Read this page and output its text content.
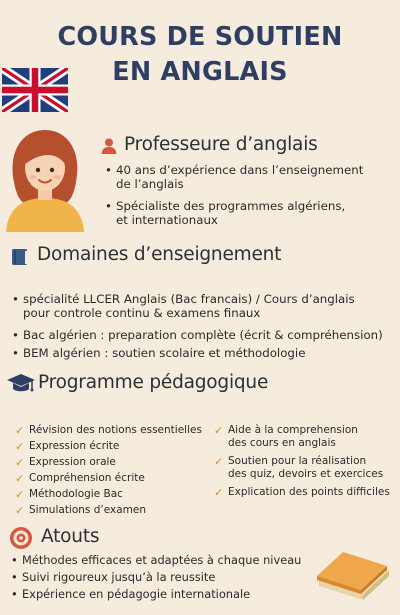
COURS DE SOUTIEN
EN ANGLAIS
Professeure d’anglais
• 40 ans d’expérience dans l’enseignement
de l’anglais
• Spécialiste des programmes algériens,
et internationaux
Domaines d’enseignement
• spécialité LLCER Anglais (Bac francais) / Cours d’anglais
pour controle continu & examens finaux
• Bac algérien : preparation complète (écrit & compréhension)
• BEM algérien : soutien scolaire et méthodologie
Programme pédagogique
✓ Révision des notions essentielles
✓ Expression écrite
✓ Expression orale
✓ Compréhension écrite
✓ Méthodologie Bac
✓ Simulations d’examen
✓ Aide à la comprehension
des cours en anglais
✓ Soutien pour la réalisation
des quiz, devoirs et exercices
✓ Explication des points difficiles
Atouts
• Méthodes efficaces et adaptées à chaque niveau
• Suivi rigoureux jusqu’à la reussite
• Expérience en pédagogie internationale
